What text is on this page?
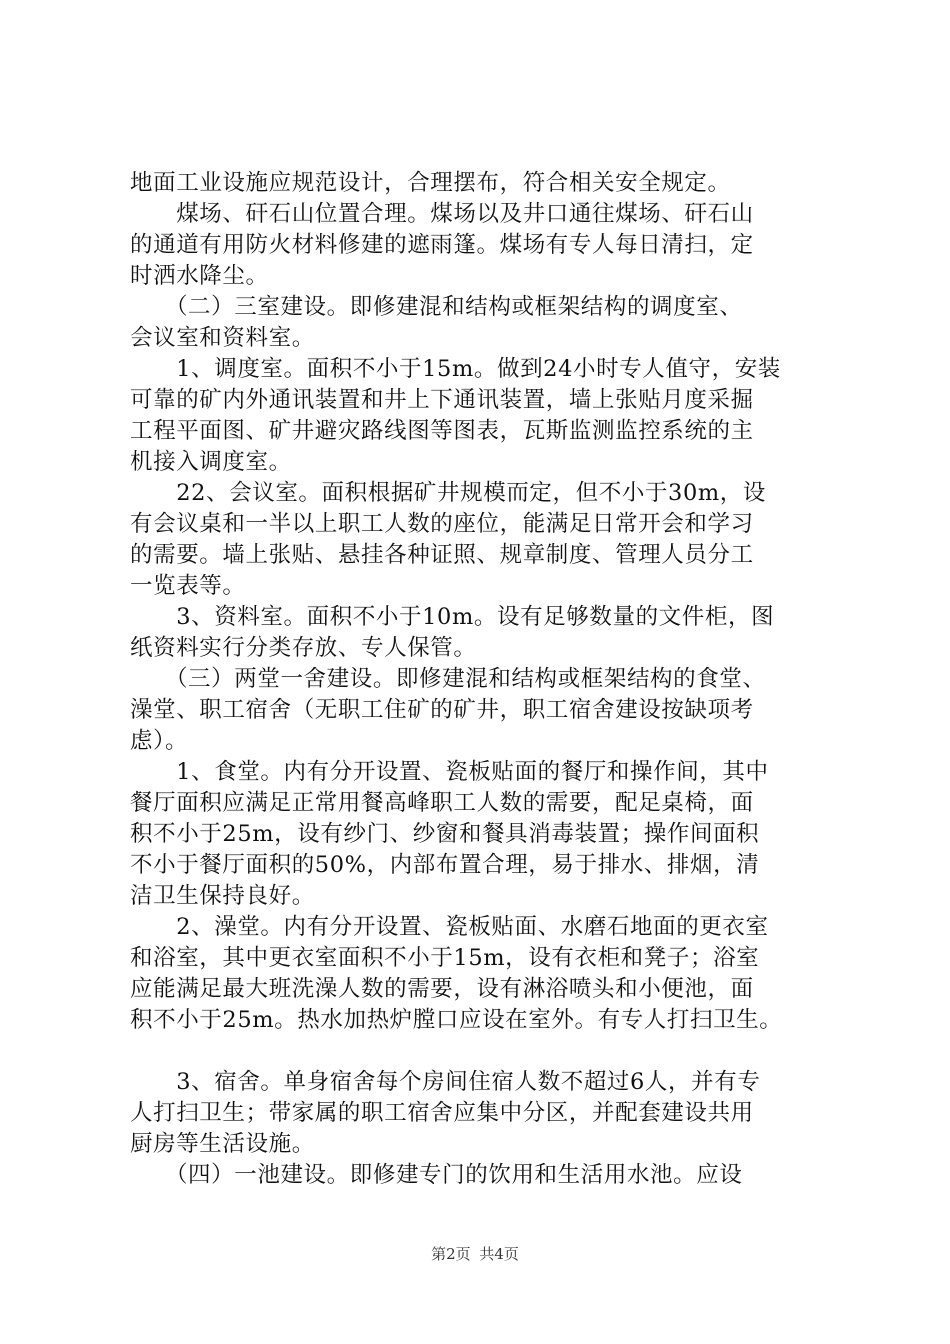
地面工业设施应规范设计，合理摆布，符合相关安全规定。
　　煤场、矸石山位置合理。煤场以及井口通往煤场、矸石山
的通道有用防火材料修建的遮雨篷。煤场有专人每日清扫，定
时洒水降尘。
　　（二）三室建设。即修建混和结构或框架结构的调度室、
会议室和资料室。
　　1、调度室。面积不小于15m。做到24小时专人值守，安装
可靠的矿内外通讯装置和井上下通讯装置，墙上张贴月度采掘
工程平面图、矿井避灾路线图等图表，瓦斯监测监控系统的主
机接入调度室。
　　22、会议室。面积根据矿井规模而定，但不小于30m，设
有会议桌和一半以上职工人数的座位，能满足日常开会和学习
的需要。墙上张贴、悬挂各种证照、规章制度、管理人员分工
一览表等。
　　3、资料室。面积不小于10m。设有足够数量的文件柜，图
纸资料实行分类存放、专人保管。
　　（三）两堂一舍建设。即修建混和结构或框架结构的食堂、
澡堂、职工宿舍（无职工住矿的矿井，职工宿舍建设按缺项考
虑）。
　　1、食堂。内有分开设置、瓷板贴面的餐厅和操作间，其中
餐厅面积应满足正常用餐高峰职工人数的需要，配足桌椅，面
积不小于25m，设有纱门、纱窗和餐具消毒装置；操作间面积
不小于餐厅面积的50%，内部布置合理，易于排水、排烟，清
洁卫生保持良好。
　　2、澡堂。内有分开设置、瓷板贴面、水磨石地面的更衣室
和浴室，其中更衣室面积不小于15m，设有衣柜和凳子；浴室
应能满足最大班洗澡人数的需要，设有淋浴喷头和小便池，面
积不小于25m。热水加热炉膛口应设在室外。有专人打扫卫生。
　　3、宿舍。单身宿舍每个房间住宿人数不超过6人，并有专
人打扫卫生；带家属的职工宿舍应集中分区，并配套建设共用
厨房等生活设施。
　　（四）一池建设。即修建专门的饮用和生活用水池。应设
第2页 共4页
